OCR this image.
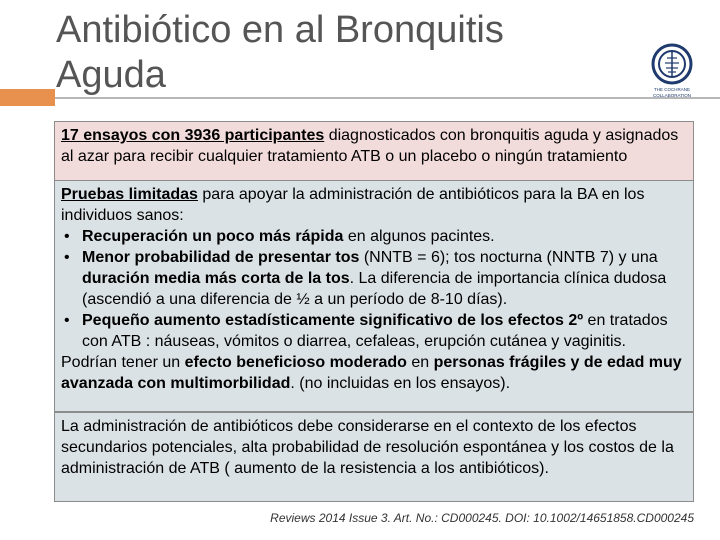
Antibiótico en al Bronquitis
Aguda	THE COCHRANE
COLLABORATION

17 ensayos con 3936 participantes diagnosticados con bronquitis aguda y asignados al azar para recibir cualquier tratamiento ATB o un placebo o ningún tratamiento

Pruebas limitadas para apoyar la administración de antibióticos para la BA en los individuos sanos:

• Recuperación un poco más rápida en algunos pacintes.
• Menor probabilidad de presentar tos (NNTB = 6); tos nocturna (NNTB 7) y una duración media más corta de la tos. La diferencia de importancia clínica dudosa (ascendió a una diferencia de ½ a un período de 8-10 días).
• Pequeño aumento estadísticamente significativo de los efectos 2º en tratados con ATB : náuseas, vómitos o diarrea, cefaleas, erupción cutánea y vaginitis.

Podrían tener un efecto beneficioso moderado en personas frágiles y de edad muy avanzada con multimorbilidad. (no incluidas en los ensayos).

Reviews 2014 Issue 3. Art. No.: CD000245. DOI: 10.1002/14651858.CD000245

La administración de antibióticos debe considerarse en el contexto de los efectos secundarios potenciales, alta probabilidad de resolución espontánea y los costos de la administración de ATB ( aumento de la resistencia a los antibióticos).
